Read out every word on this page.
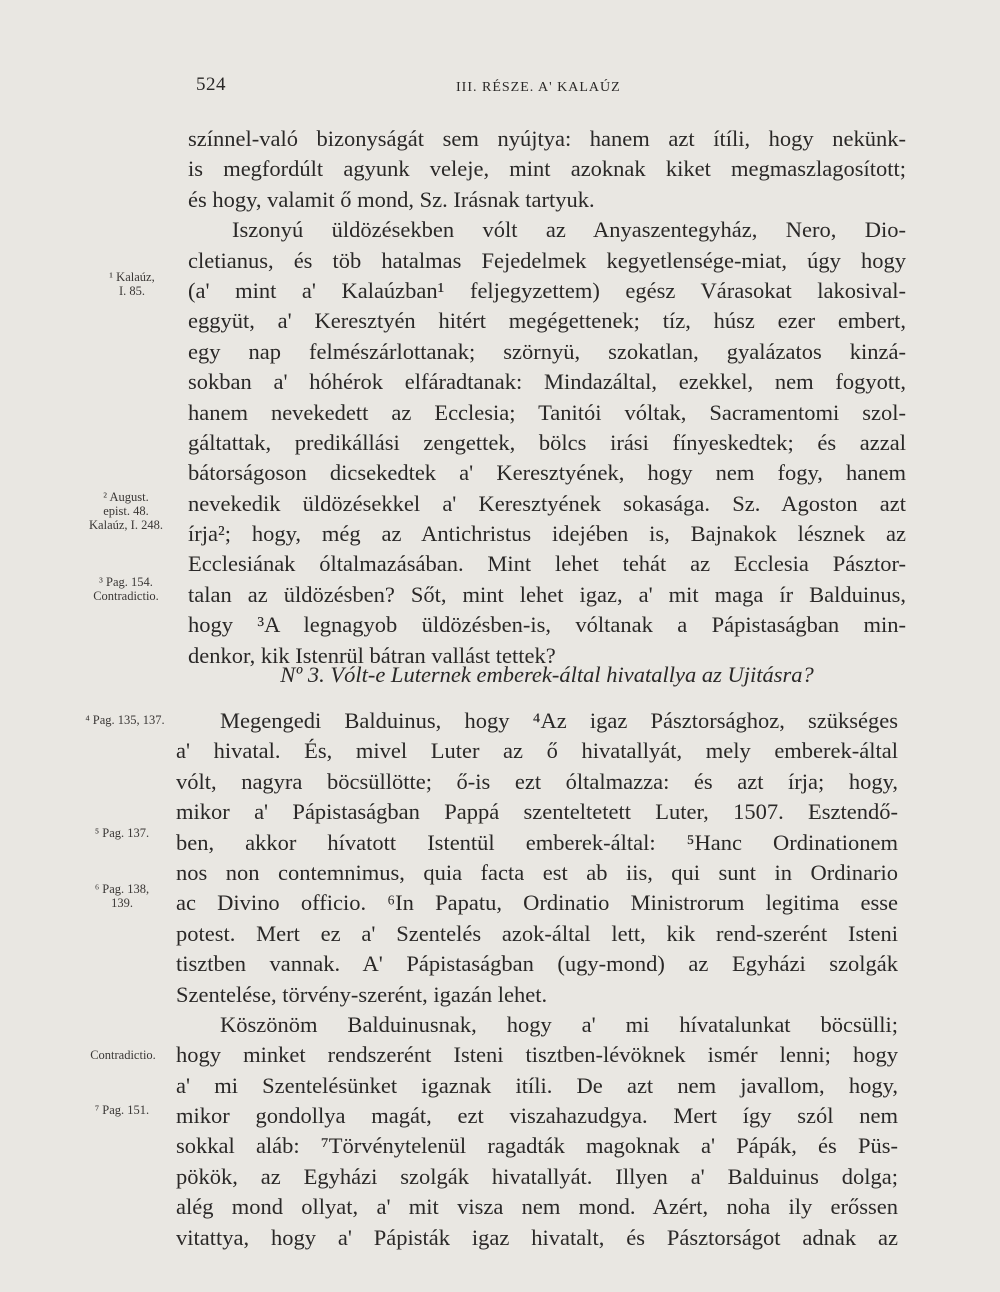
524	III. RÉSZE. A' KALAÚZ
¹ Kalaúz,
I. 85.
² August.
epist. 48.
Kalaúz, I. 248.
³ Pag. 154.
Contradictio.
⁴ Pag. 135, 137.
⁵ Pag. 137.
⁶ Pag. 138,
139.
Contradictio.
⁷ Pag. 151.
színnel-való bizonyságát sem nyújtya: hanem azt ítíli, hogy nekünk-
is megfordúlt agyunk veleje, mint azoknak kiket megmaszlagosított;
és hogy, valamit ő mond, Sz. Irásnak tartyuk.
Iszonyú üldözésekben vólt az Anyaszentegyház, Nero, Dio-
cletianus, és töb hatalmas Fejedelmek kegyetlensége-miat, úgy hogy
(a' mint a' Kalaúzban¹ feljegyzettem) egész Várasokat lakosival-
eggyüt, a' Keresztyén hitért megégettenek; tíz, húsz ezer embert,
egy nap felmészárlottanak; szörnyü, szokatlan, gyalázatos kinzá-
sokban a' hóhérok elfáradtanak: Mindazáltal, ezekkel, nem fogyott,
hanem nevekedett az Ecclesia; Tanitói vóltak, Sacramentomi szol-
gáltattak, predikállási zengettek, bölcs irási fínyeskedtek; és azzal
bátorságoson dicsekedtek a' Keresztyének, hogy nem fogy, hanem
nevekedik üldözésekkel a' Keresztyének sokasága. Sz. Agoston azt
írja²; hogy, még az Antichristus idejében is, Bajnakok lésznek az
Ecclesiának óltalmazásában. Mint lehet tehát az Ecclesia Pásztor-
talan az üldözésben? Sőt, mint lehet igaz, a' mit maga ír Balduinus,
hogy ³A legnagyob üldözésben-is, vóltanak a Pápistaságban min-
denkor, kik Istenrül bátran vallást tettek?
Nº 3. Vólt-e Luternek emberek-által hivatallya az Ujitásra?
Megengedi Balduinus, hogy ⁴Az igaz Pásztorsághoz, szükséges
a' hivatal. És, mivel Luter az ő hivatallyát, mely emberek-által
vólt, nagyra böcsüllötte; ő-is ezt óltalmazza: és azt írja; hogy,
mikor a' Pápistaságban Pappá szenteltetett Luter, 1507. Esztendő-
ben, akkor hívatott Istentül emberek-által: ⁵Hanc Ordinationem
nos non contemnimus, quia facta est ab iis, qui sunt in Ordinario
ac Divino officio. ⁶In Papatu, Ordinatio Ministrorum legitima esse
potest. Mert ez a' Szentelés azok-által lett, kik rend-szerént Isteni
tisztben vannak. A' Pápistaságban (ugy-mond) az Egyházi szolgák
Szentelése, törvény-szerént, igazán lehet.
Köszönöm Balduinusnak, hogy a' mi hívatalunkat böcsülli;
hogy minket rendszerént Isteni tisztben-lévöknek ismér lenni; hogy
a' mi Szentelésünket igaznak itíli. De azt nem javallom, hogy,
mikor gondollya magát, ezt viszahazudgya. Mert így szól nem
sokkal aláb: ⁷Törvénytelenül ragadták magoknak a' Pápák, és Püs-
pökök, az Egyházi szolgák hivatallyát. Illyen a' Balduinus dolga;
alég mond ollyat, a' mit visza nem mond. Azért, noha ily erőssen
vitattya, hogy a' Pápisták igaz hivatalt, és Pásztorságot adnak az
